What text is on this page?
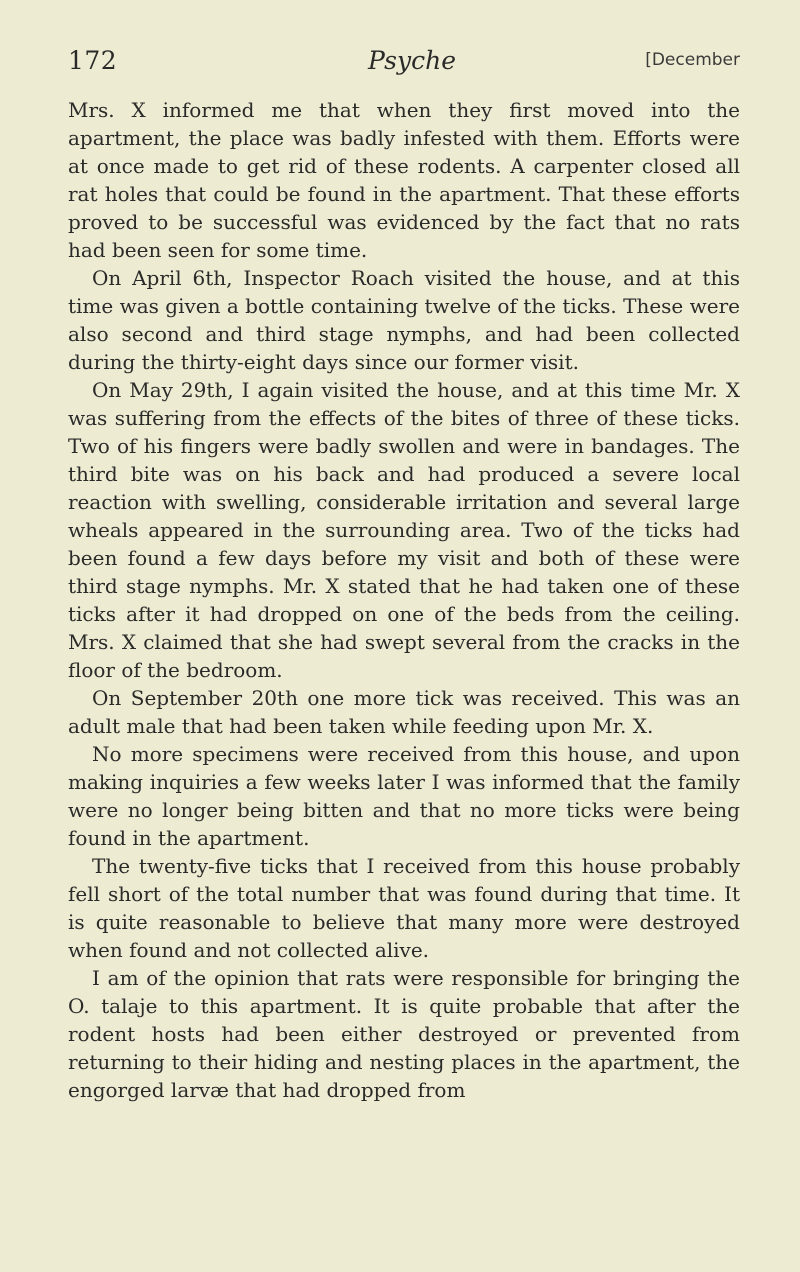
172	Psyche	[December

Mrs. X informed me that when they first moved into the apartment, the place was badly infested with them. Efforts were at once made to get rid of these rodents. A carpenter closed all rat holes that could be found in the apartment. That these efforts proved to be successful was evidenced by the fact that no rats had been seen for some time.

On April 6th, Inspector Roach visited the house, and at this time was given a bottle containing twelve of the ticks. These were also second and third stage nymphs, and had been collected during the thirty-eight days since our former visit.

On May 29th, I again visited the house, and at this time Mr. X was suffering from the effects of the bites of three of these ticks. Two of his fingers were badly swollen and were in bandages. The third bite was on his back and had produced a severe local reaction with swelling, considerable irritation and several large wheals appeared in the surrounding area. Two of the ticks had been found a few days before my visit and both of these were third stage nymphs. Mr. X stated that he had taken one of these ticks after it had dropped on one of the beds from the ceiling. Mrs. X claimed that she had swept several from the cracks in the floor of the bedroom.

On September 20th one more tick was received. This was an adult male that had been taken while feeding upon Mr. X.

No more specimens were received from this house, and upon making inquiries a few weeks later I was informed that the family were no longer being bitten and that no more ticks were being found in the apartment.

The twenty-five ticks that I received from this house probably fell short of the total number that was found during that time. It is quite reasonable to believe that many more were destroyed when found and not collected alive.

I am of the opinion that rats were responsible for bringing the O. talaje to this apartment. It is quite probable that after the rodent hosts had been either destroyed or prevented from returning to their hiding and nesting places in the apartment, the engorged larvæ that had dropped from
